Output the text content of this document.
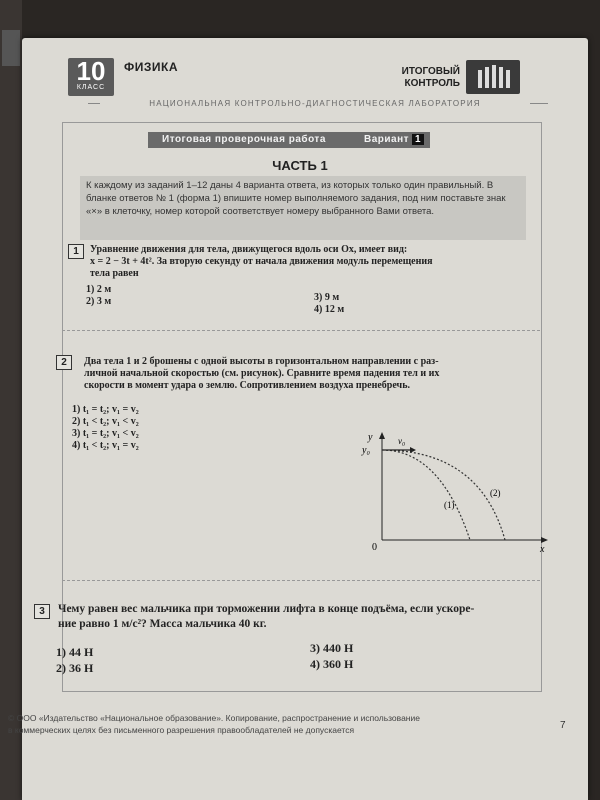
10
КЛАСС
ФИЗИКА	ИТОГОВЫЙ
КОНТРОЛЬ
НАЦИОНАЛЬНАЯ КОНТРОЛЬНО-ДИАГНОСТИЧЕСКАЯ ЛАБОРАТОРИЯ
Итоговая проверочная работа	Вариант 1
ЧАСТЬ 1

К каждому из заданий 1–12 даны 4 варианта ответа, из которых только один правильный. В бланке ответов № 1 (форма 1) впишите номер выполняемого задания, под ним поставьте знак «×» в клеточку, номер которой соответствует номеру выбранного Вами ответа.

1	Уравнение движения для тела, движущегося вдоль оси Ox, имеет вид:
x = 2 − 3t + 4t². За вторую секунду от начала движения модуль перемещения
тела равен
1) 2 м
2) 3 м	3) 9 м
4) 12 м
2	Два тела 1 и 2 брошены с одной высоты в горизонтальном направлении с раз-
личной начальной скоростью (см. рисунок). Сравните время падения тел и их
скорости в момент удара о землю. Сопротивлением воздуха пренебречь.
1) t₁ = t₂; v₁ = v₂
2) t₁ < t₂; v₁ < v₂
3) t₁ = t₂; v₁ < v₂
4) t₁ < t₂; v₁ = v₂
y
y₀
v₀
0	x
(1)
(2)
3	Чему равен вес мальчика при торможении лифта в конце подъёма, если ускоре-
ние равно 1 м/с²? Масса мальчика 40 кг.
1) 44 Н
2) 36 Н
3) 440 Н
4) 360 Н
© ООО «Издательство «Национальное образование». Копирование, распространение и использование
в коммерческих целях без письменного разрешения правообладателей не допускается	7
